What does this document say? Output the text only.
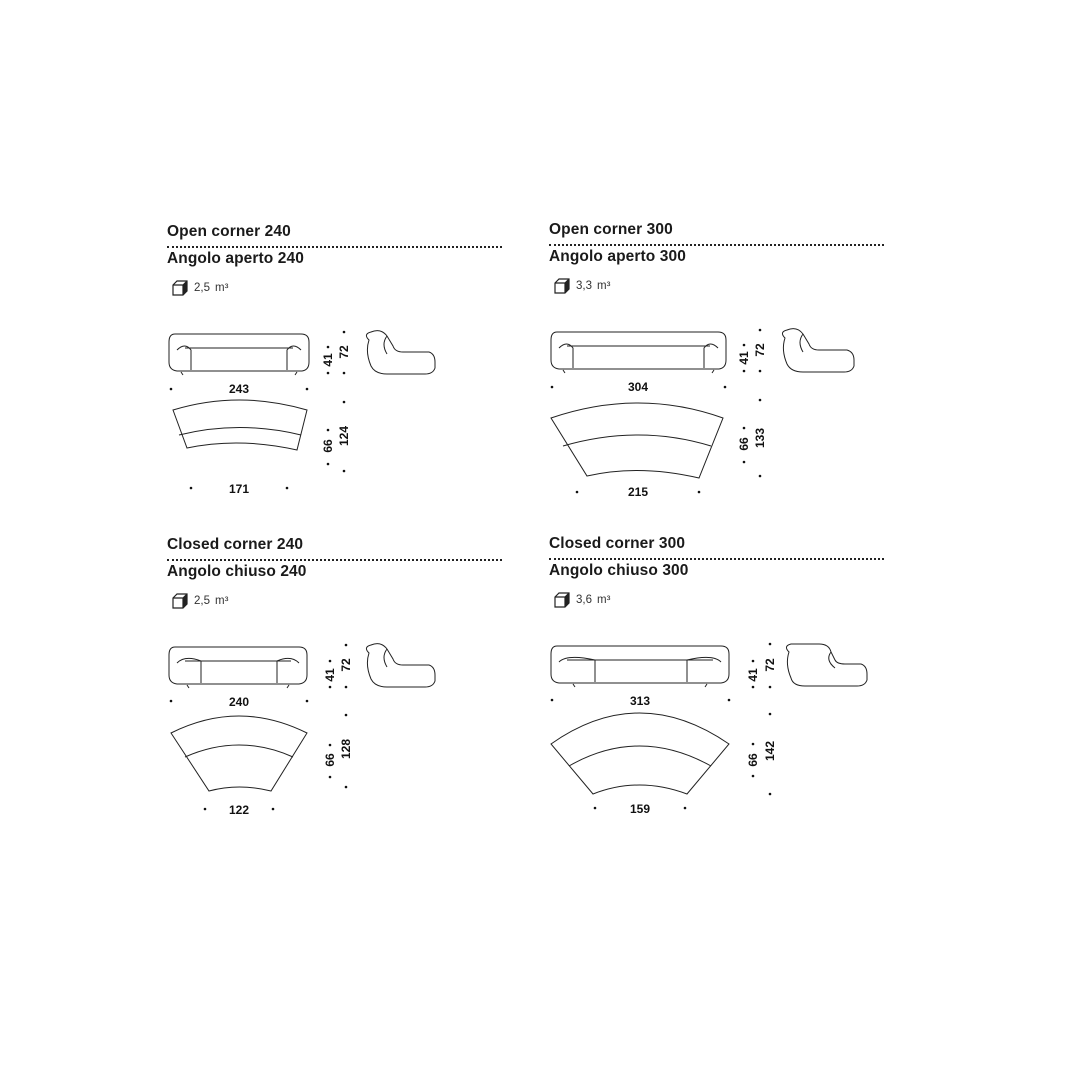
Open corner 240
Angolo aperto 240
2,5 m³
243
171
41
72
66 124
Open corner 300
Angolo aperto 300
3,3 m³
304
215
41
72
66 133
Closed corner 240
Angolo chiuso 240
2,5 m³
240
122
41
72
66
128
Closed corner 300
Angolo chiuso 300
3,6 m³
313
159
41
72
66 142
